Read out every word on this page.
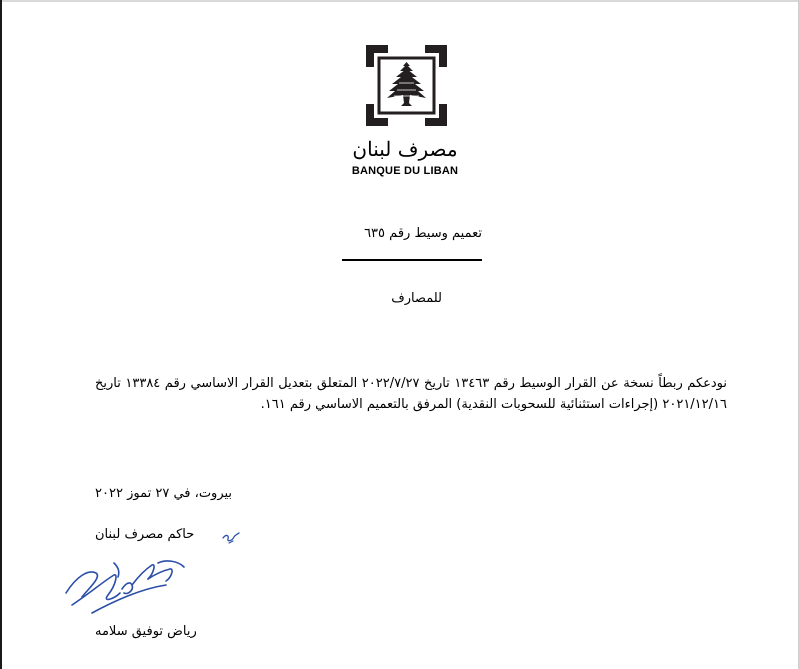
مصرف لبنان
BANQUE DU LIBAN
تعميم وسيط رقم ٦٣٥
للمصارف
نودعكم ربطاً نسخة عن القرار الوسيط رقم ١٣٤٦٣ تاريخ ٢٠٢٢/٧/٢٧ المتعلق بتعديل القرار الاساسي رقم ١٣٣٨٤ تاريخ ٢٠٢١/١٢/١٦ (إجراءات استثنائية للسحوبات النقدية) المرفق بالتعميم الاساسي رقم ١٦١.
بيروت، في ٢٧ تموز ٢٠٢٢
حاكم مصرف لبنان
رياض توفيق سلامه
